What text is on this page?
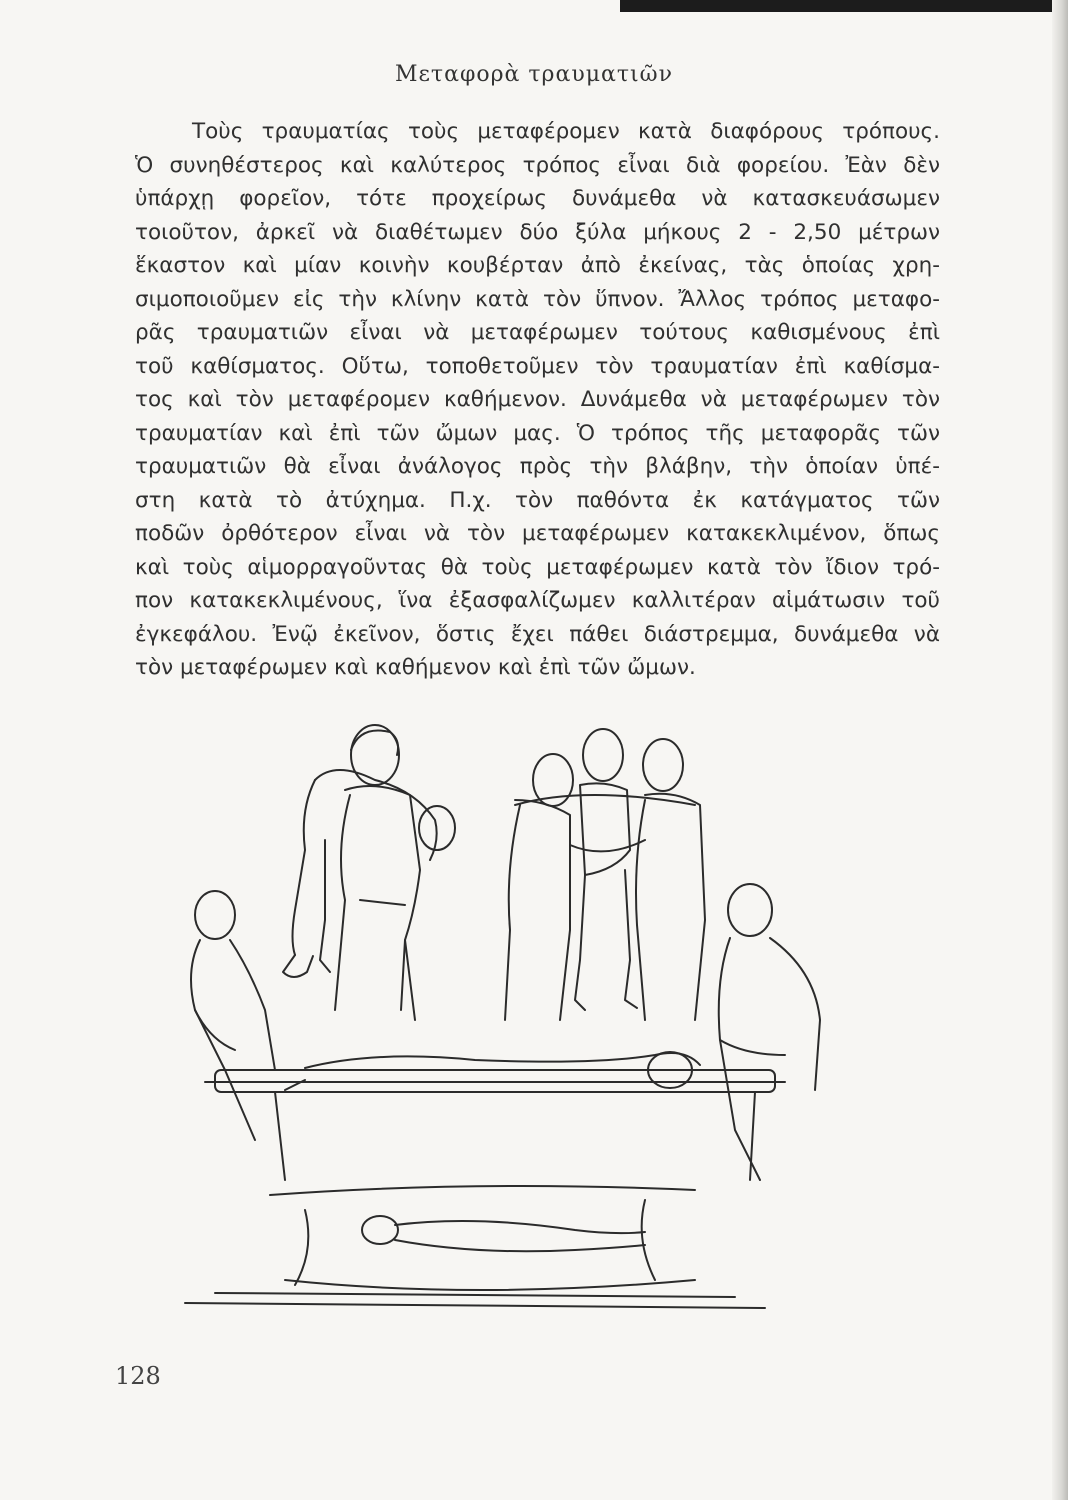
Μεταφορὰ τραυματιῶν

Τοὺς τραυματίας τοὺς μεταφέρομεν κατὰ διαφόρους τρόπους.
Ὁ συνηθέστερος καὶ καλύτερος τρόπος εἶναι διὰ φορείου. Ἐὰν δὲν
ὑπάρχῃ φορεῖον, τότε προχείρως δυνάμεθα νὰ κατασκευάσωμεν
τοιοῦτον, ἀρκεῖ νὰ διαθέτωμεν δύο ξύλα μήκους 2 - 2,50 μέτρων
ἕκαστον καὶ μίαν κοινὴν κουβέρταν ἀπὸ ἐκείνας, τὰς ὁποίας χρη-
σιμοποιοῦμεν εἰς τὴν κλίνην κατὰ τὸν ὕπνον. Ἄλλος τρόπος μεταφο-
ρᾶς τραυματιῶν εἶναι νὰ μεταφέρωμεν τούτους καθισμένους ἐπὶ
τοῦ καθίσματος. Οὕτω, τοποθετοῦμεν τὸν τραυματίαν ἐπὶ καθίσμα-
τος καὶ τὸν μεταφέρομεν καθήμενον. Δυνάμεθα νὰ μεταφέρωμεν τὸν
τραυματίαν καὶ ἐπὶ τῶν ὤμων μας. Ὁ τρόπος τῆς μεταφορᾶς τῶν
τραυματιῶν θὰ εἶναι ἀνάλογος πρὸς τὴν βλάβην, τὴν ὁποίαν ὑπέ-
στη κατὰ τὸ ἀτύχημα. Π.χ. τὸν παθόντα ἐκ κατάγματος τῶν
ποδῶν ὀρθότερον εἶναι νὰ τὸν μεταφέρωμεν κατακεκλιμένον, ὅπως
καὶ τοὺς αἱμορραγοῦντας θὰ τοὺς μεταφέρωμεν κατὰ τὸν ἴδιον τρό-
πον κατακεκλιμένους, ἵνα ἐξασφαλίζωμεν καλλιτέραν αἱμάτωσιν τοῦ
ἐγκεφάλου. Ἐνῷ ἐκεῖνον, ὅστις ἔχει πάθει διάστρεμμα, δυνάμεθα νὰ
τὸν μεταφέρωμεν καὶ καθήμενον καὶ ἐπὶ τῶν ὤμων.

128
